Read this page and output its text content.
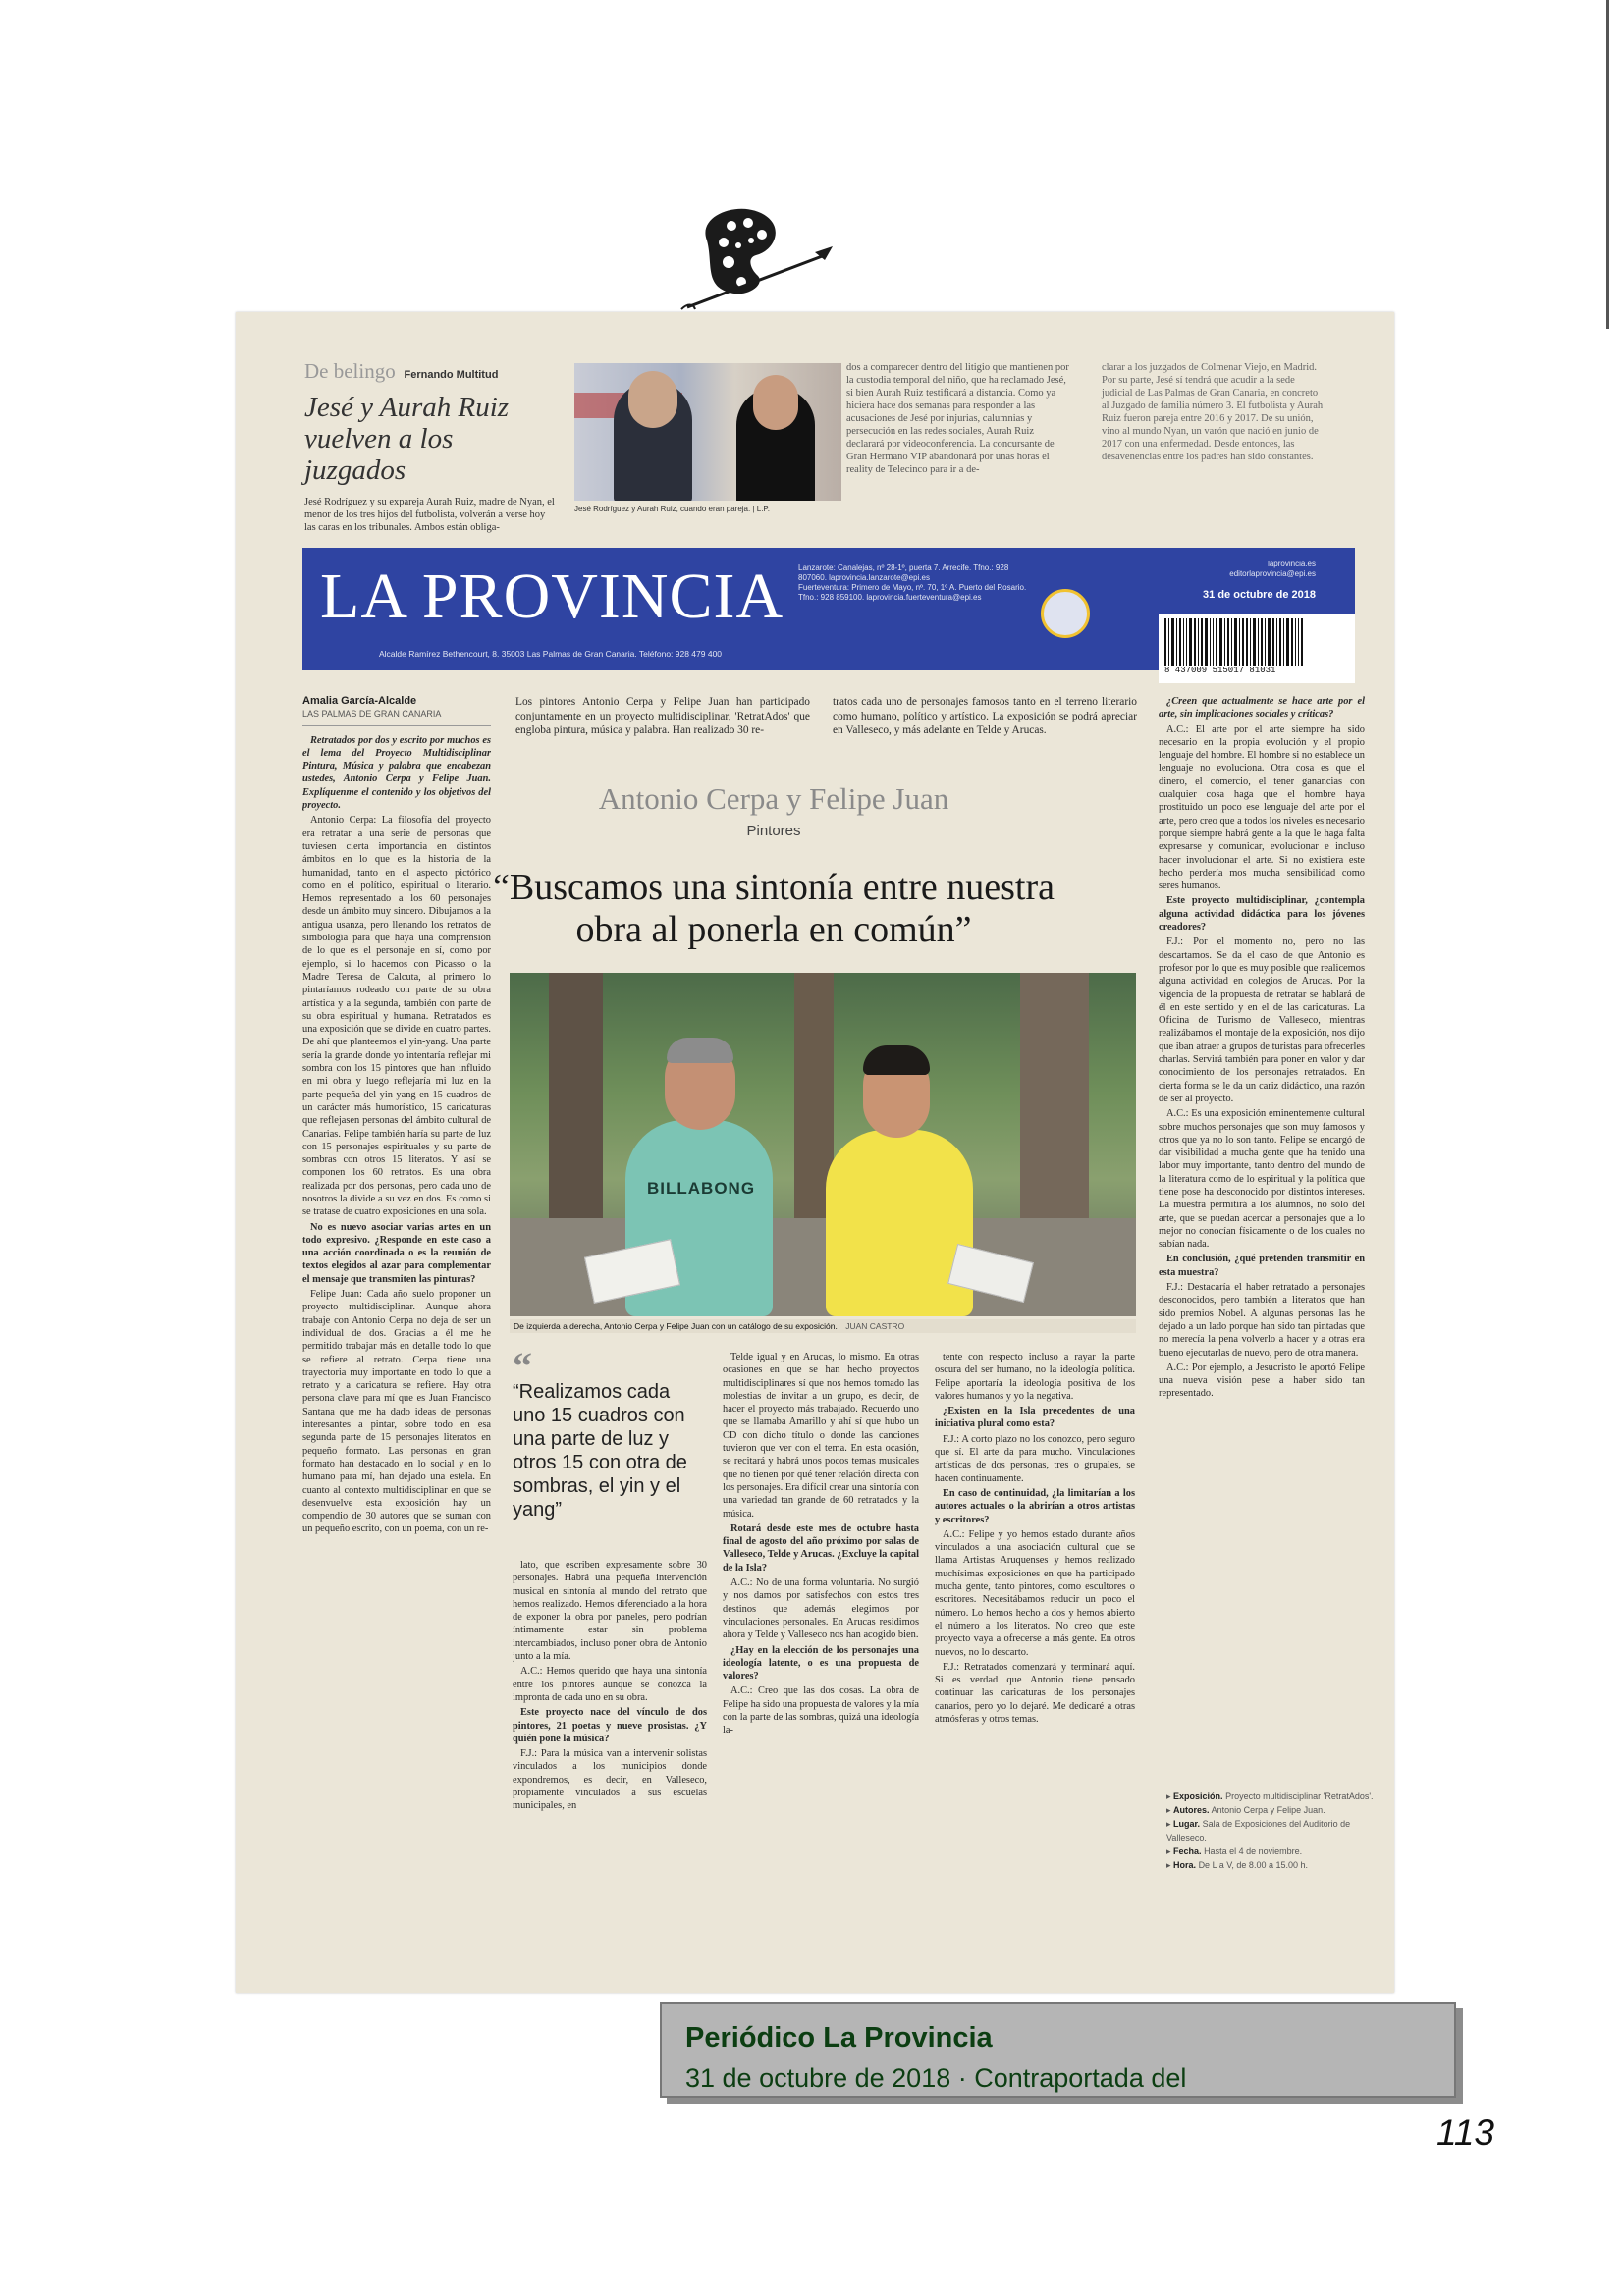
De belingo Fernando Multitud
Jesé y Aurah Ruiz vuelven a los juzgados
Jesé Rodríguez y su expareja Aurah Ruiz, madre de Nyan, el menor de los tres hijos del futbolista, volverán a verse hoy las caras en los tribunales. Ambos están obliga-
Jesé Rodríguez y Aurah Ruiz, cuando eran pareja. | L.P.
dos a comparecer dentro del litigio que mantienen por la custodia temporal del niño, que ha reclamado Jesé, si bien Aurah Ruiz testificará a distancia. Como ya hiciera hace dos semanas para responder a las acusaciones de Jesé por injurias, calumnias y persecución en las redes sociales, Aurah Ruiz declarará por videoconferencia. La concursante de Gran Hermano VIP abandonará por unas horas el reality de Telecinco para ir a de-
clarar a los juzgados de Colmenar Viejo, en Madrid. Por su parte, Jesé sí tendrá que acudir a la sede judicial de Las Palmas de Gran Canaria, en concreto al Juzgado de familia número 3. El futbolista y Aurah Ruiz fueron pareja entre 2016 y 2017. De su unión, vino al mundo Nyan, un varón que nació en junio de 2017 con una enfermedad. Desde entonces, las desavenencias entre los padres han sido constantes.
LA PROVINCIA Lanzarote: Canalejas, nº 28-1º, puerta 7. Arrecife. Tfno.: 928 807060. laprovincia.lanzarote@epi.es
Fuerteventura: Primero de Mayo, nº. 70, 1º A. Puerto del Rosario. Tfno.: 928 859100. laprovincia.fuerteventura@epi.es
laprovincia.es
editorlaprovincia@epi.es
31 de octubre de 2018
Alcalde Ramírez Bethencourt, 8. 35003 Las Palmas de Gran Canaria. Teléfono: 928 479 400
8 437009 515017 81031
Amalia García-Alcalde
LAS PALMAS DE GRAN CANARIA

Retratados por dos y escrito por muchos es el lema del Proyecto Multidisciplinar Pintura, Música y palabra que encabezan ustedes, Antonio Cerpa y Felipe Juan. Explíquenme el contenido y los objetivos del proyecto.

Antonio Cerpa: La filosofía del proyecto era retratar a una serie de personas que tuviesen cierta importancia en distintos ámbitos en lo que es la historia de la humanidad, tanto en el aspecto pictórico como en el político, espiritual o literario. Hemos representado a los 60 personajes desde un ámbito muy sincero. Dibujamos a la antigua usanza, pero llenando los retratos de simbología para que haya una comprensión de lo que es el personaje en sí, como por ejemplo, si lo hacemos con Picasso o la Madre Teresa de Calcuta, al primero lo pintaríamos rodeado con parte de su obra artística y a la segunda, también con parte de su obra espiritual y humana. Retratados es una exposición que se divide en cuatro partes. De ahí que planteemos el yin-yang. Una parte sería la grande donde yo intentaría reflejar mi sombra con los 15 pintores que han influido en mi obra y luego reflejaría mi luz en la parte pequeña del yin-yang en 15 cuadros de un carácter más humorístico, 15 caricaturas que reflejasen personas del ámbito cultural de Canarias. Felipe también haría su parte de luz con 15 personajes espirituales y su parte de sombras con otros 15 literatos. Y así se componen los 60 retratos. Es una obra realizada por dos personas, pero cada uno de nosotros la divide a su vez en dos. Es como si se tratase de cuatro exposiciones en una sola.

No es nuevo asociar varias artes en un todo expresivo. ¿Responde en este caso a una acción coordinada o es la reunión de textos elegidos al azar para complementar el mensaje que transmiten las pinturas?

Felipe Juan: Cada año suelo proponer un proyecto multidisciplinar. Aunque ahora trabaje con Antonio Cerpa no deja de ser un individual de dos. Gracias a él me he permitido trabajar más en detalle todo lo que se refiere al retrato. Cerpa tiene una trayectoria muy importante en todo lo que a retrato y a caricatura se refiere. Hay otra persona clave para mí que es Juan Francisco Santana que me ha dado ideas de personas interesantes a pintar, sobre todo en esa segunda parte de 15 personajes literatos en pequeño formato. Las personas en gran formato han destacado en lo social y en lo humano para mí, han dejado una estela. En cuanto al contexto multidisciplinar en que se desenvuelve esta exposición hay un compendio de 30 autores que se suman con un pequeño escrito, con un poema, con un re-

Los pintores Antonio Cerpa y Felipe Juan han participado conjuntamente en un proyecto multidisciplinar, 'RetratAdos' que engloba pintura, música y palabra. Han realizado 30 re-
tratos cada uno de personajes famosos tanto en el terreno literario como humano, político y artístico. La exposición se podrá apreciar en Valleseco, y más adelante en Telde y Arucas.
Antonio Cerpa y Felipe Juan
Pintores
“Buscamos una sintonía entre nuestra obra al ponerla en común”
BILLABONG
De izquierda a derecha, Antonio Cerpa y Felipe Juan con un catálogo de su exposición. JUAN CASTRO
“
“Realizamos cada uno 15 cuadros con una parte de luz y otros 15 con otra de sombras, el yin y el yang”

lato, que escriben expresamente sobre 30 personajes. Habrá una pequeña intervención musical en sintonía al mundo del retrato que hemos realizado. Hemos diferenciado a la hora de exponer la obra por paneles, pero podrían íntimamente estar sin problema intercambiados, incluso poner obra de Antonio junto a la mía.

A.C.: Hemos querido que haya una sintonía entre los pintores aunque se conozca la impronta de cada uno en su obra.

Este proyecto nace del vínculo de dos pintores, 21 poetas y nueve prosistas. ¿Y quién pone la música?

F.J.: Para la música van a intervenir solistas vinculados a los municipios donde expondremos, es decir, en Valleseco, propiamente vinculados a sus escuelas municipales, en

Telde igual y en Arucas, lo mismo. En otras ocasiones en que se han hecho proyectos multidisciplinares sí que nos hemos tomado las molestias de invitar a un grupo, es decir, de hacer el proyecto más trabajado. Recuerdo uno que se llamaba Amarillo y ahí sí que hubo un CD con dicho título o donde las canciones tuvieron que ver con el tema. En esta ocasión, se recitará y habrá unos pocos temas musicales que no tienen por qué tener relación directa con los personajes. Era difícil crear una sintonía con una variedad tan grande de 60 retratados y la música.

Rotará desde este mes de octubre hasta final de agosto del año próximo por salas de Valleseco, Telde y Arucas. ¿Excluye la capital de la Isla?

A.C.: No de una forma voluntaria. No surgió y nos damos por satisfechos con estos tres destinos que además elegimos por vinculaciones personales. En Arucas residimos ahora y Telde y Valleseco nos han acogido bien.

¿Hay en la elección de los personajes una ideología latente, o es una propuesta de valores?

A.C.: Creo que las dos cosas. La obra de Felipe ha sido una propuesta de valores y la mía con la parte de las sombras, quizá una ideología la-

tente con respecto incluso a rayar la parte oscura del ser humano, no la ideología política. Felipe aportaría la ideología positiva de los valores humanos y yo la negativa.

¿Existen en la Isla precedentes de una iniciativa plural como esta?

F.J.: A corto plazo no los conozco, pero seguro que sí. El arte da para mucho. Vinculaciones artísticas de dos personas, tres o grupales, se hacen continuamente.

En caso de continuidad, ¿la limitarían a los autores actuales o la abrirían a otros artistas y escritores?

A.C.: Felipe y yo hemos estado durante años vinculados a una asociación cultural que se llama Artistas Aruquenses y hemos realizado muchísimas exposiciones en que ha participado mucha gente, tanto pintores, como escultores o escritores. Necesitábamos reducir un poco el número. Lo hemos hecho a dos y hemos abierto el número a los literatos. No creo que este proyecto vaya a ofrecerse a más gente. En otros nuevos, no lo descarto.

F.J.: Retratados comenzará y terminará aquí. Si es verdad que Antonio tiene pensado continuar las caricaturas de los personajes canarios, pero yo lo dejaré. Me dedicaré a otras atmósferas y otros temas.

¿Creen que actualmente se hace arte por el arte, sin implicaciones sociales y críticas?

A.C.: El arte por el arte siempre ha sido necesario en la propia evolución y el propio lenguaje del hombre. El hombre si no establece un lenguaje no evoluciona. Otra cosa es que el dinero, el comercio, el tener ganancias con cualquier cosa haga que el hombre haya prostituido un poco ese lenguaje del arte por el arte, pero creo que a todos los niveles es necesario porque siempre habrá gente a la que le haga falta expresarse y comunicar, evolucionar e incluso hacer involucionar el arte. Si no existiera este hecho perdería mos mucha sensibilidad como seres humanos.

Este proyecto multidisciplinar, ¿contempla alguna actividad didáctica para los jóvenes creadores?

F.J.: Por el momento no, pero no las descartamos. Se da el caso de que Antonio es profesor por lo que es muy posible que realicemos alguna actividad en colegios de Arucas. Por la vigencia de la propuesta de retratar se hablará de él en este sentido y en el de las caricaturas. La Oficina de Turismo de Valleseco, mientras realizábamos el montaje de la exposición, nos dijo que iban atraer a grupos de turistas para ofrecerles charlas. Servirá también para poner en valor y dar conocimiento de los personajes retratados. En cierta forma se le da un cariz didáctico, una razón de ser al proyecto.

A.C.: Es una exposición eminentemente cultural sobre muchos personajes que son muy famosos y otros que ya no lo son tanto. Felipe se encargó de dar visibilidad a mucha gente que ha tenido una labor muy importante, tanto dentro del mundo de la literatura como de lo espiritual y la política que tiene pose ha desconocido por distintos intereses. La muestra permitirá a los alumnos, no sólo del arte, que se puedan acercar a personajes que a lo mejor no conocían físicamente o de los cuales no sabían nada.

En conclusión, ¿qué pretenden transmitir en esta muestra?

F.J.: Destacaría el haber retratado a personajes desconocidos, pero también a literatos que han sido premios Nobel. A algunas personas las he dejado a un lado porque han sido tan pintadas que no merecía la pena volverlo a hacer y a otras era bueno ejecutarlas de nuevo, pero de otra manera.

A.C.: Por ejemplo, a Jesucristo le aportó Felipe una nueva visión pese a haber sido tan representado.

▸ Exposición. Proyecto multidisciplinar 'RetratAdos'.
▸ Autores. Antonio Cerpa y Felipe Juan.
▸ Lugar. Sala de Exposiciones del Auditorio de Valleseco.
▸ Fecha. Hasta el 4 de noviembre.
▸ Hora. De L a V, de 8.00 a 15.00 h.
Periódico La Provincia
31 de octubre de 2018 · Contraportada del
113
